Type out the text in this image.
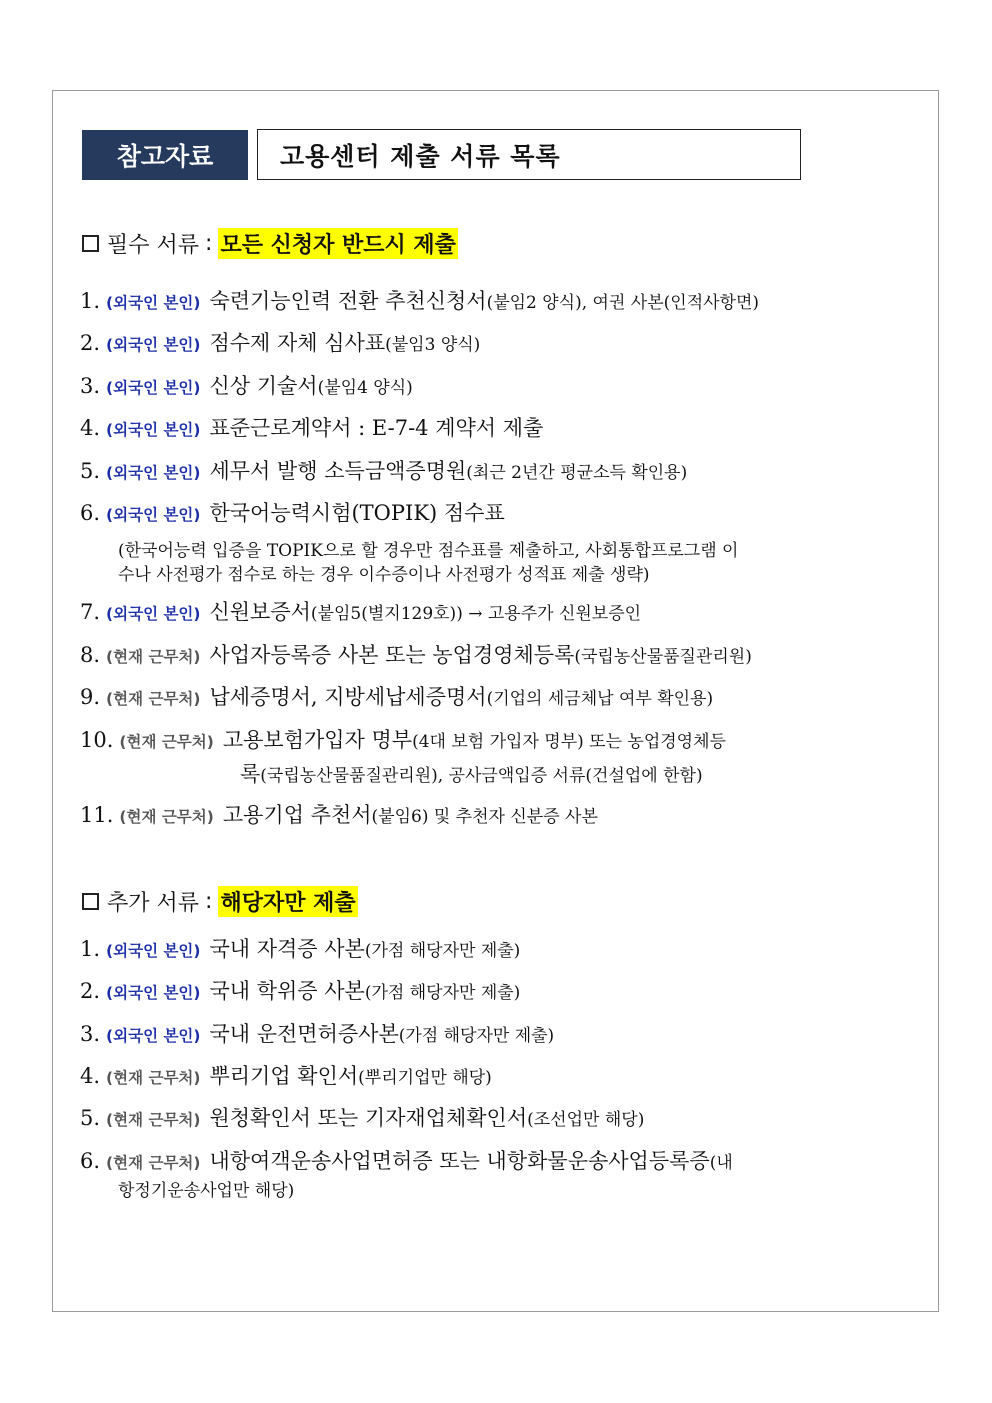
참고자료	고용센터 제출 서류 목록
필수 서류 : 모든 신청자 반드시 제출
1. (외국인 본인) 숙련기능인력 전환 추천신청서(붙임2 양식), 여권 사본(인적사항면)
2. (외국인 본인) 점수제 자체 심사표(붙임3 양식)
3. (외국인 본인) 신상 기술서(붙임4 양식)
4. (외국인 본인) 표준근로계약서 : E-7-4 계약서 제출
5. (외국인 본인) 세무서 발행 소득금액증명원(최근 2년간 평균소득 확인용)
6. (외국인 본인) 한국어능력시험(TOPIK) 점수표
(한국어능력 입증을 TOPIK으로 할 경우만 점수표를 제출하고, 사회통합프로그램 이
수나 사전평가 점수로 하는 경우 이수증이나 사전평가 성적표 제출 생략)
7. (외국인 본인) 신원보증서(붙임5(별지129호)) → 고용주가 신원보증인
8. (현재 근무처) 사업자등록증 사본 또는 농업경영체등록(국립농산물품질관리원)
9. (현재 근무처) 납세증명서, 지방세납세증명서(기업의 세금체납 여부 확인용)
10. (현재 근무처) 고용보험가입자 명부(4대 보험 가입자 명부) 또는 농업경영체등
록(국립농산물품질관리원), 공사금액입증 서류(건설업에 한함)
11. (현재 근무처) 고용기업 추천서(붙임6) 및 추천자 신분증 사본
추가 서류 : 해당자만 제출
1. (외국인 본인) 국내 자격증 사본(가점 해당자만 제출)
2. (외국인 본인) 국내 학위증 사본(가점 해당자만 제출)
3. (외국인 본인) 국내 운전면허증사본(가점 해당자만 제출)
4. (현재 근무처) 뿌리기업 확인서(뿌리기업만 해당)
5. (현재 근무처) 원청확인서 또는 기자재업체확인서(조선업만 해당)
6. (현재 근무처) 내항여객운송사업면허증 또는 내항화물운송사업등록증(내
항정기운송사업만 해당)
